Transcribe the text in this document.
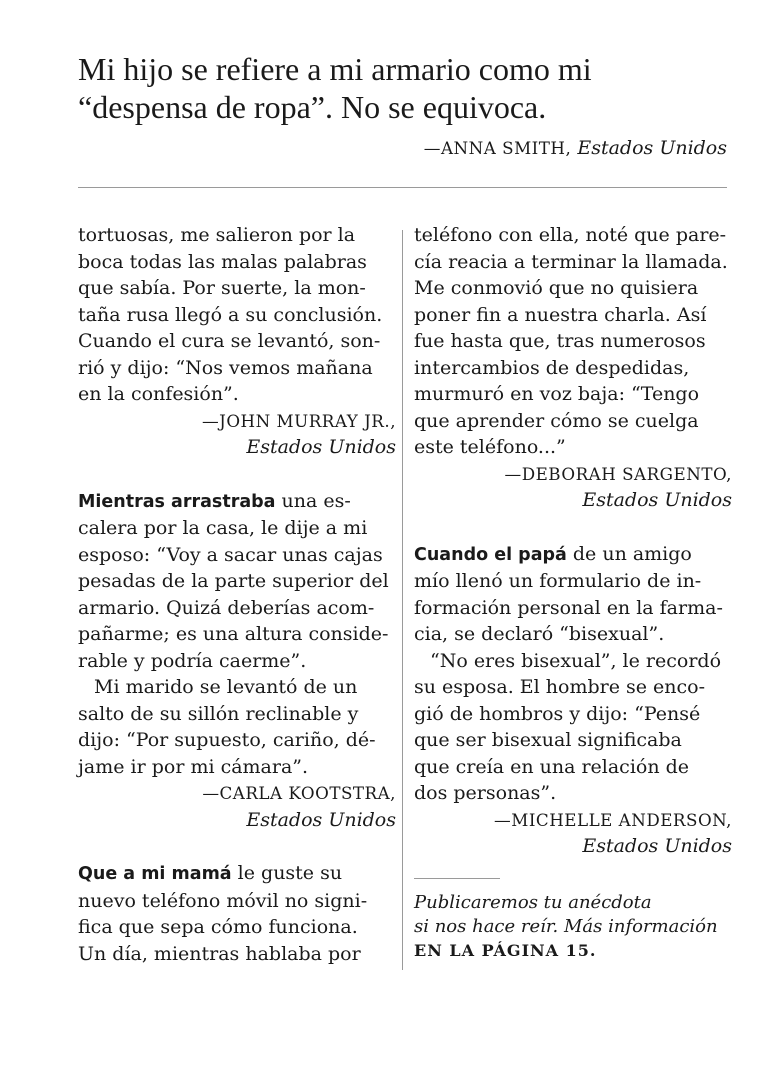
Mi hijo se refiere a mi armario como mi
“despensa de ropa”. No se equivoca.
—ANNA SMITH, Estados Unidos
tortuosas, me salieron por la
boca todas las malas palabras
que sabía. Por suerte, la mon-
taña rusa llegó a su conclusión.
Cuando el cura se levantó, son-
rió y dijo: “Nos vemos mañana
en la confesión”.
—JOHN MURRAY JR.,
Estados Unidos
Mientras arrastraba una es-
calera por la casa, le dije a mi
esposo: “Voy a sacar unas cajas
pesadas de la parte superior del
armario. Quizá deberías acom-
pañarme; es una altura conside-
rable y podría caerme”.
Mi marido se levantó de un
salto de su sillón reclinable y
dijo: “Por supuesto, cariño, dé-
jame ir por mi cámara”.
—CARLA KOOTSTRA,
Estados Unidos
Que a mi mamá le guste su
nuevo teléfono móvil no signi-
fica que sepa cómo funciona.
Un día, mientras hablaba por
teléfono con ella, noté que pare-
cía reacia a terminar la llamada.
Me conmovió que no quisiera
poner fin a nuestra charla. Así
fue hasta que, tras numerosos
intercambios de despedidas,
murmuró en voz baja: “Tengo
que aprender cómo se cuelga
este teléfono...”
—DEBORAH SARGENTO,
Estados Unidos
Cuando el papá de un amigo
mío llenó un formulario de in-
formación personal en la farma-
cia, se declaró “bisexual”.
“No eres bisexual”, le recordó
su esposa. El hombre se enco-
gió de hombros y dijo: “Pensé
que ser bisexual significaba
que creía en una relación de
dos personas”.
—MICHELLE ANDERSON,
Estados Unidos
Publicaremos tu anécdota
si nos hace reír. Más información
EN LA PÁGINA 15.
